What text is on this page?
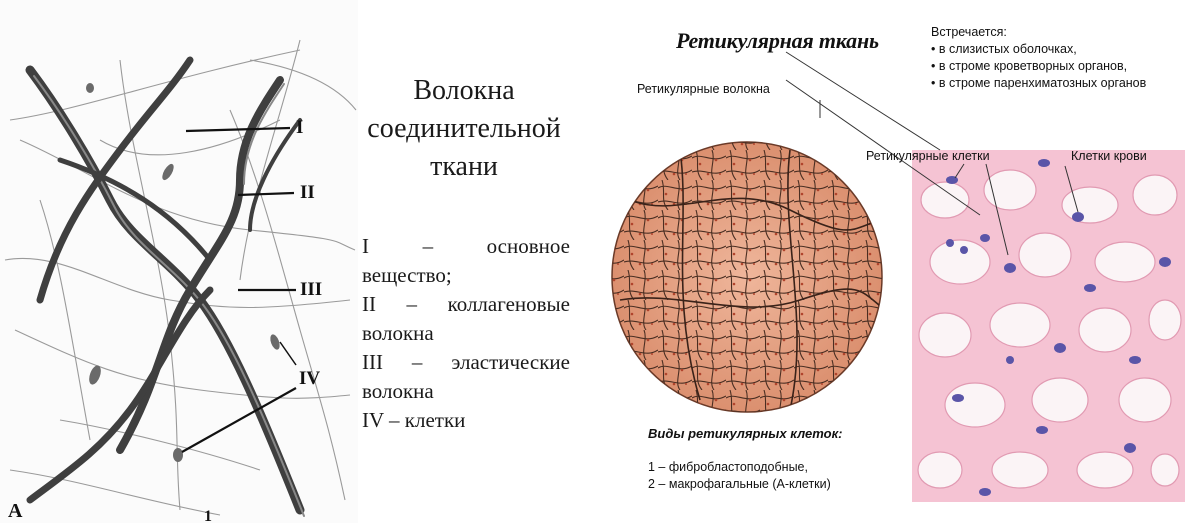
I
II
III
IV
A	1
Волокна
соединительной
ткани
I	–	основное
вещество;
II – коллагеновые
волокна
III – эластические
волокна
IV – клетки
Ретикулярная ткань
Ретикулярные волокна
Ретикулярные клетки	Клетки крови
Встречается:
• в слизистых оболочках,
• в строме кроветворных органов,
• в строме паренхиматозных органов
Виды ретикулярных клеток:
1 – фибробластоподобные,
2 – макрофагальные (А-клетки)
